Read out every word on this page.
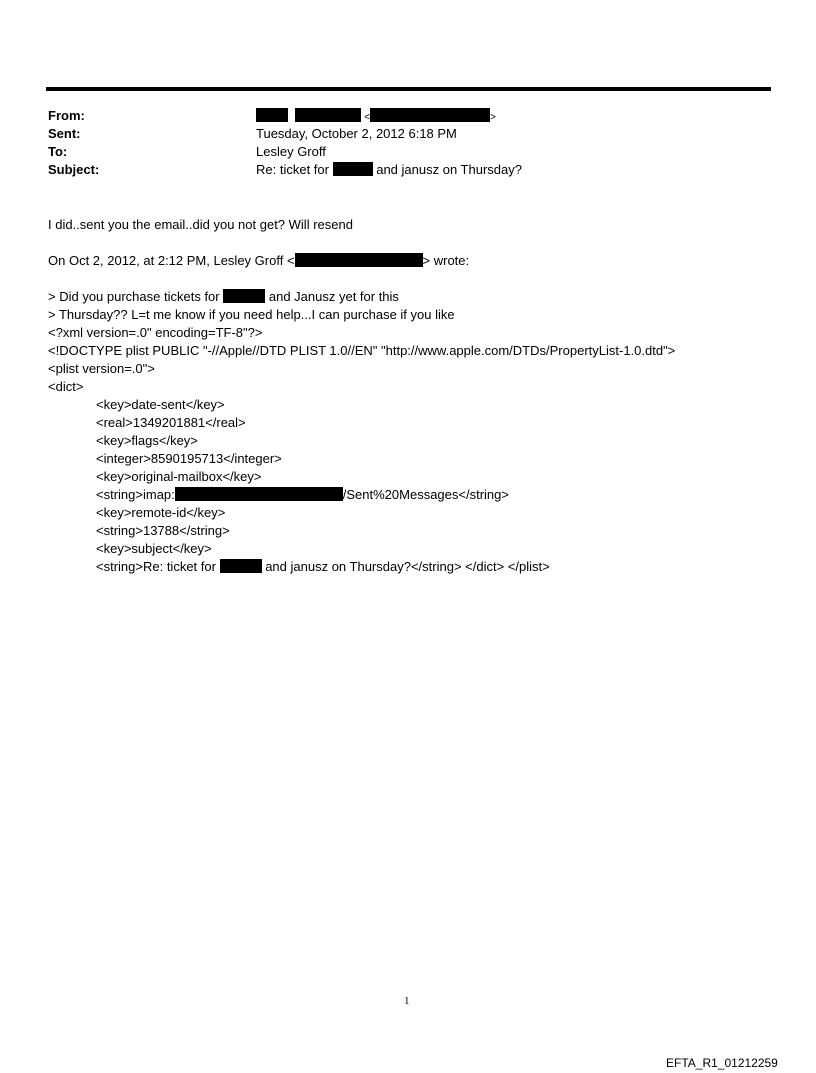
From:	<	>
Sent:	Tuesday, October 2, 2012 6:18 PM
To:	Lesley Groff
Subject:	Re: ticket for	and janusz on Thursday?
I did..sent you the email..did you not get? Will resend
On Oct 2, 2012, at 2:12 PM, Lesley Groff <	> wrote:
> Did you purchase tickets for	and Janusz yet for this
> Thursday?? L=t me know if you need help...I can purchase if you like
<?xml version=.0" encoding=TF-8"?>
<!DOCTYPE plist PUBLIC "-//Apple//DTD PLIST 1.0//EN" "http://www.apple.com/DTDs/PropertyList-1.0.dtd">
<plist version=.0">
<dict>
<key>date-sent</key>
<real>1349201881</real>
<key>flags</key>
<integer>8590195713</integer>
<key>original-mailbox</key>
<string>imap:	/Sent%20Messages</string>
<key>remote-id</key>
<string>13788</string>
<key>subject</key>
<string>Re: ticket for	and janusz on Thursday?</string> </dict> </plist>
1
EFTA_R1_01212259
